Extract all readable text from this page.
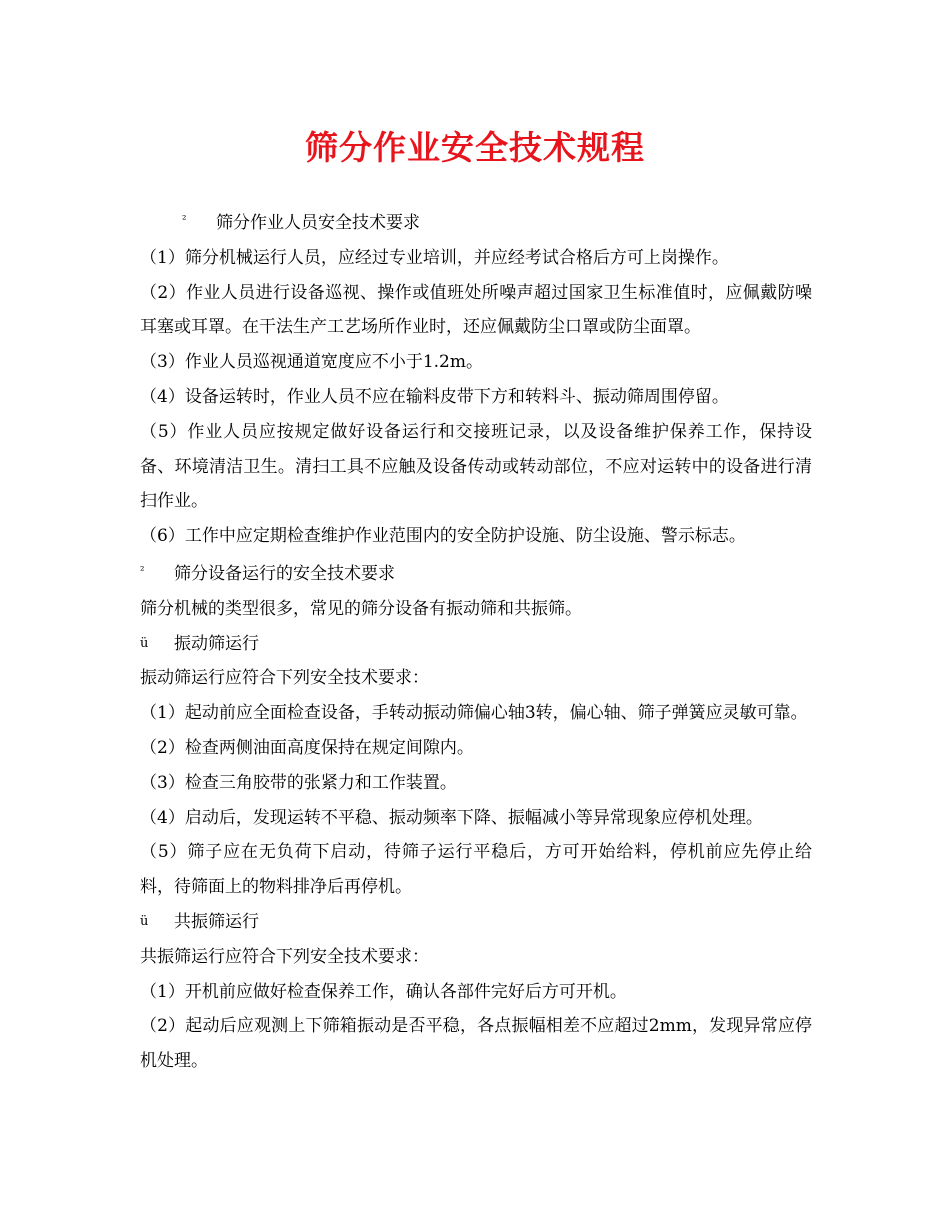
筛分作业安全技术规程
² 筛分作业人员安全技术要求
（1）筛分机械运行人员，应经过专业培训，并应经考试合格后方可上岗操作。
（2）作业人员进行设备巡视、操作或值班处所噪声超过国家卫生标准值时，应佩戴防噪耳塞或耳罩。在干法生产工艺场所作业时，还应佩戴防尘口罩或防尘面罩。
（3）作业人员巡视通道宽度应不小于1.2m。
（4）设备运转时，作业人员不应在输料皮带下方和转料斗、振动筛周围停留。
（5）作业人员应按规定做好设备运行和交接班记录，以及设备维护保养工作，保持设备、环境清洁卫生。清扫工具不应触及设备传动或转动部位，不应对运转中的设备进行清扫作业。
（6）工作中应定期检查维护作业范围内的安全防护设施、防尘设施、警示标志。
² 筛分设备运行的安全技术要求
筛分机械的类型很多，常见的筛分设备有振动筛和共振筛。
ü 振动筛运行
振动筛运行应符合下列安全技术要求：
（1）起动前应全面检查设备，手转动振动筛偏心轴3转，偏心轴、筛子弹簧应灵敏可靠。
（2）检查两侧油面高度保持在规定间隙内。
（3）检查三角胶带的张紧力和工作装置。
（4）启动后，发现运转不平稳、振动频率下降、振幅减小等异常现象应停机处理。
（5）筛子应在无负荷下启动，待筛子运行平稳后，方可开始给料，停机前应先停止给料，待筛面上的物料排净后再停机。
ü 共振筛运行
共振筛运行应符合下列安全技术要求：
（1）开机前应做好检查保养工作，确认各部件完好后方可开机。
（2）起动后应观测上下筛箱振动是否平稳，各点振幅相差不应超过2mm，发现异常应停机处理。
